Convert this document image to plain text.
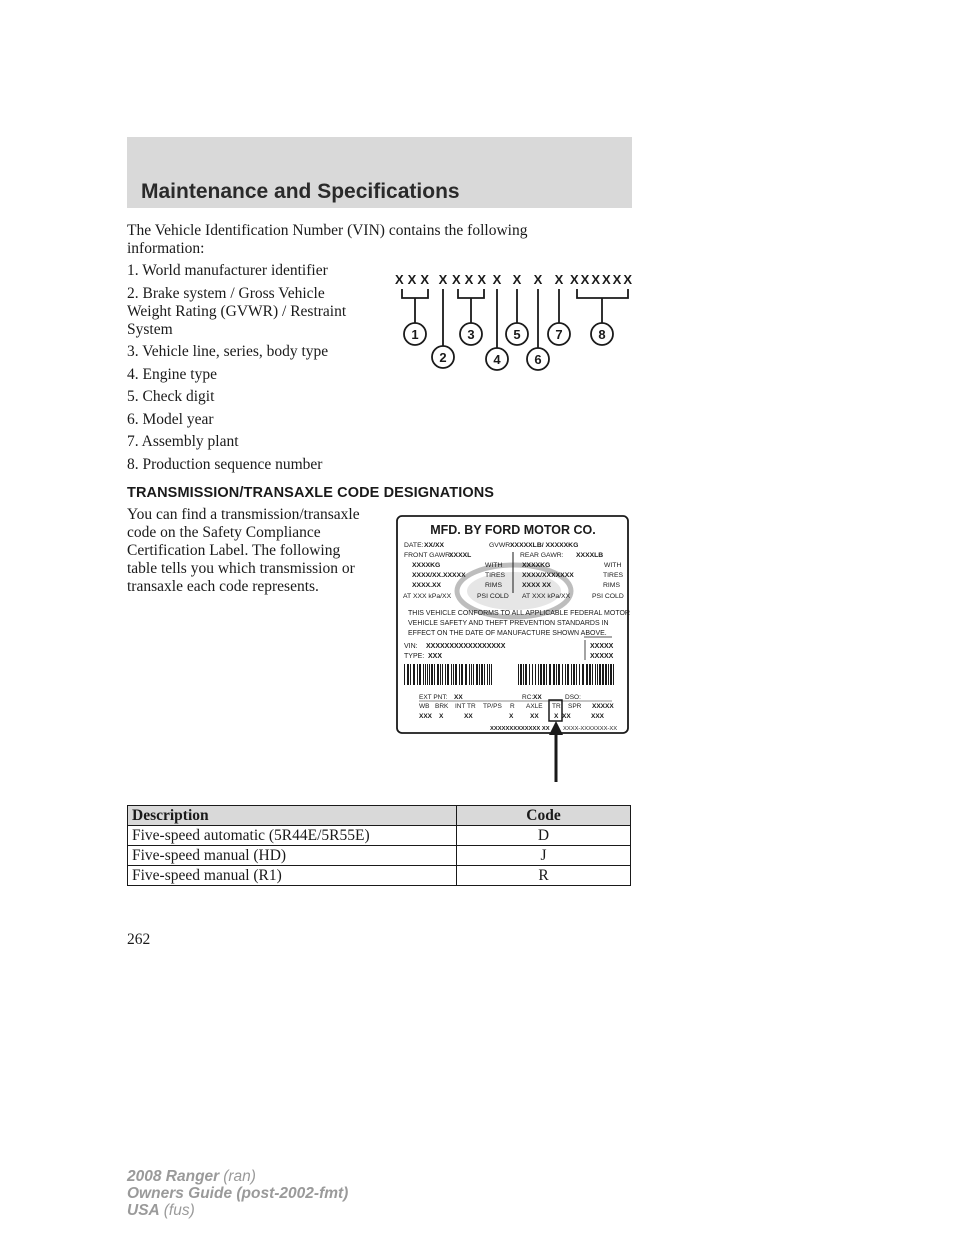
Maintenance and Specifications
The Vehicle Identification Number (VIN) contains the following information:
1. World manufacturer identifier
2. Brake system / Gross Vehicle Weight Rating (GVWR) / Restraint System
3. Vehicle line, series, body type
4. Engine type
5. Check digit
6. Model year
7. Assembly plant
8. Production sequence number
XXX X XXX X X X X XXXXXX
1
2
3
4
5
6
7	8
TRANSMISSION/TRANSAXLE CODE DESIGNATIONS
You can find a transmission/transaxle code on the Safety Compliance Certification Label. The following table tells you which transmission or transaxle each code represents.
MFD. BY FORD MOTOR CO.
DATE: XX/XX	GVWR:
XXXXXLB/ XXXXXKG
FRONT GAWR:
XXXXL	REAR GAWR: XXXXLB
XXXXKG	WITH	XXXXKG	WITH
XXXX/XX.XXXXX	TIRES XXXX/XXXXXXX	TIRES
XXXX.XX	RIMS	XXXX XX	RIMS
AT XXX kPa/XX	PSI COLD AT XXX kPa/XX	PSI COLD
THIS VEHICLE CONFORMS TO ALL APPLICABLE FEDERAL MOTOR
VEHICLE SAFETY AND THEFT PREVENTION STANDARDS IN
EFFECT ON THE DATE OF MANUFACTURE SHOWN ABOVE.
VIN: XXXXXXXXXXXXXXXXX
TYPE: XXX
XXXXX
XXXXX
EXT PNT: XX	RC: XX	DSO:
WB BRK INT TR TP/PS R AXLE TR SPR XXXXX
XXX X	XX	X	XX X XX	XXX
XXXXXXXXXXXXX XX XXXX-XXXXXXX-XX
Description	Code
Five-speed automatic (5R44E/5R55E)	D
Five-speed manual (HD)	J
Five-speed manual (R1)	R
262
2008 Ranger (ran)
Owners Guide (post-2002-fmt)
USA (fus)
